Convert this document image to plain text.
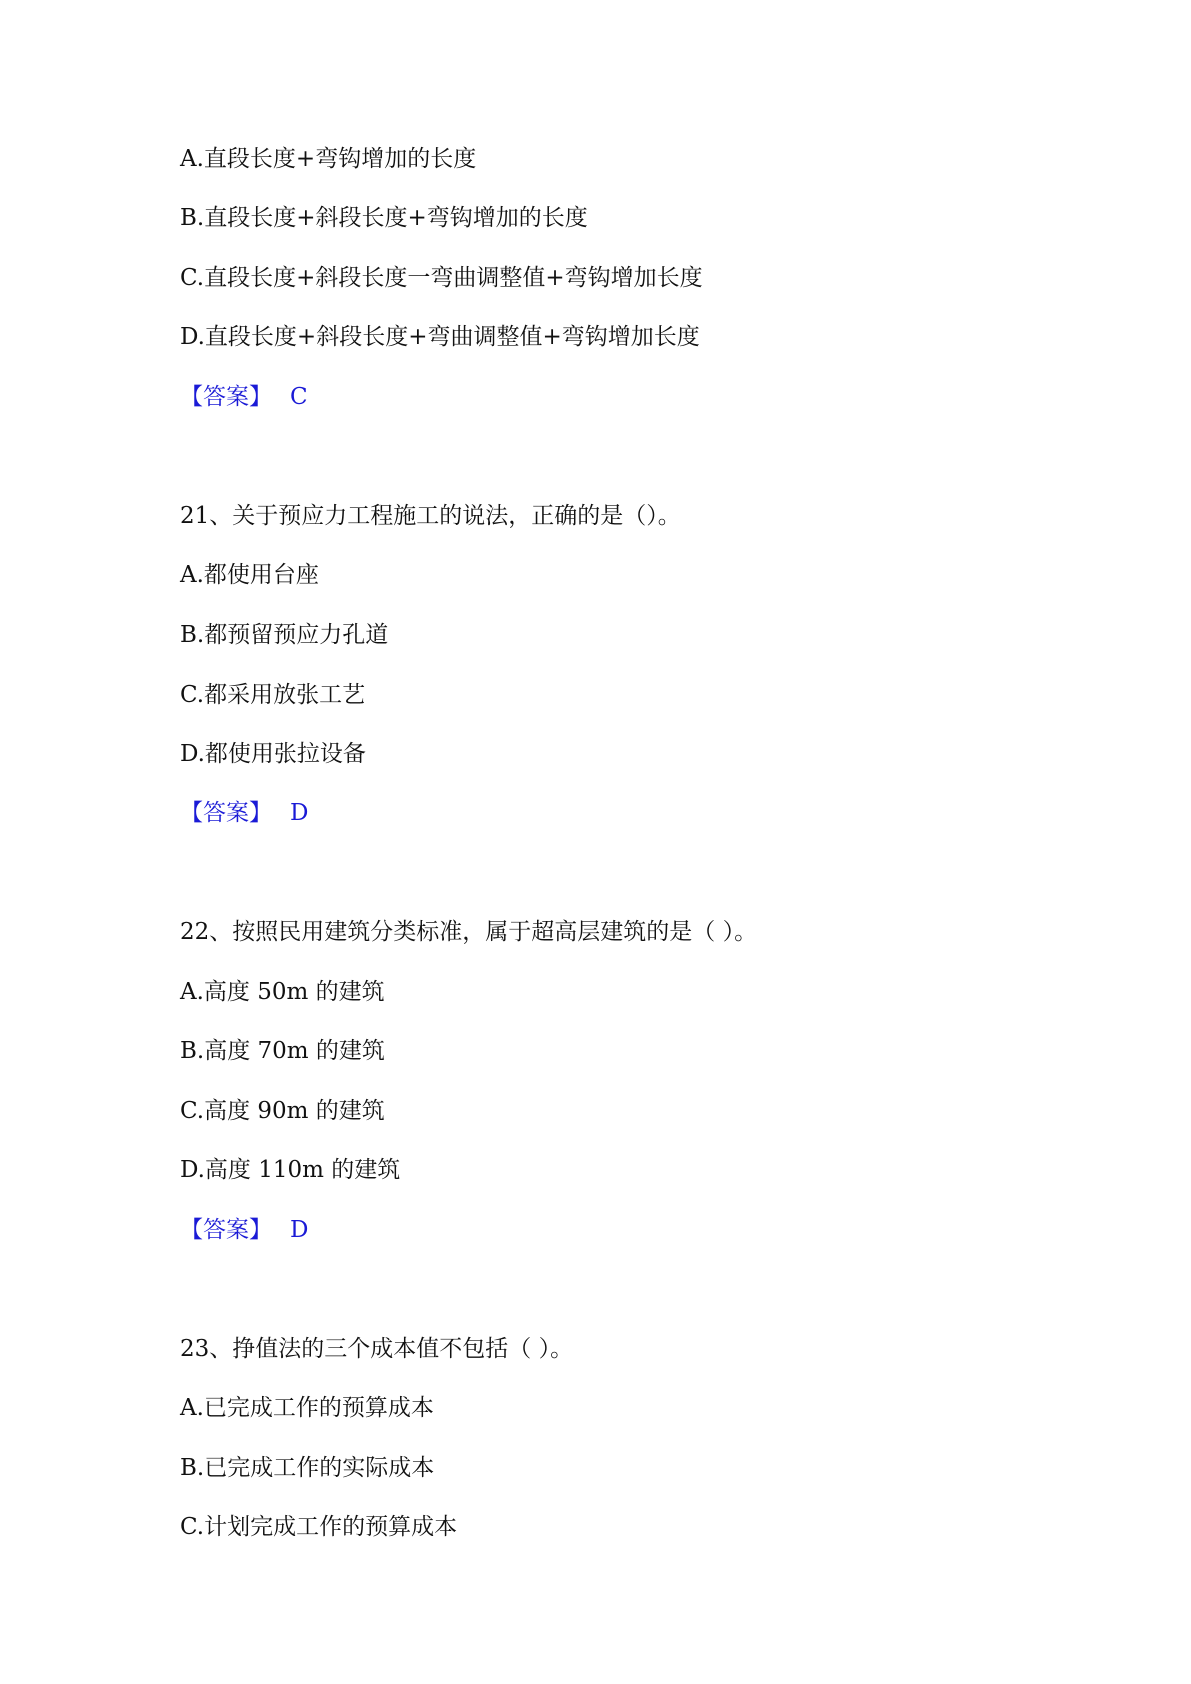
A.直段长度+弯钩增加的长度

B.直段长度+斜段长度+弯钩增加的长度

C.直段长度+斜段长度一弯曲调整值+弯钩增加长度

D.直段长度+斜段长度+弯曲调整值+弯钩增加长度

【答案】 C

21、关于预应力工程施工的说法，正确的是（）。

A.都使用台座

B.都预留预应力孔道

C.都采用放张工艺

D.都使用张拉设备

【答案】 D

22、按照民用建筑分类标准，属于超高层建筑的是（ ）。

A.高度 50m 的建筑

B.高度 70m 的建筑

C.高度 90m 的建筑

D.高度 110m 的建筑

【答案】 D

23、挣值法的三个成本值不包括（ ）。

A.已完成工作的预算成本

B.已完成工作的实际成本

C.计划完成工作的预算成本
